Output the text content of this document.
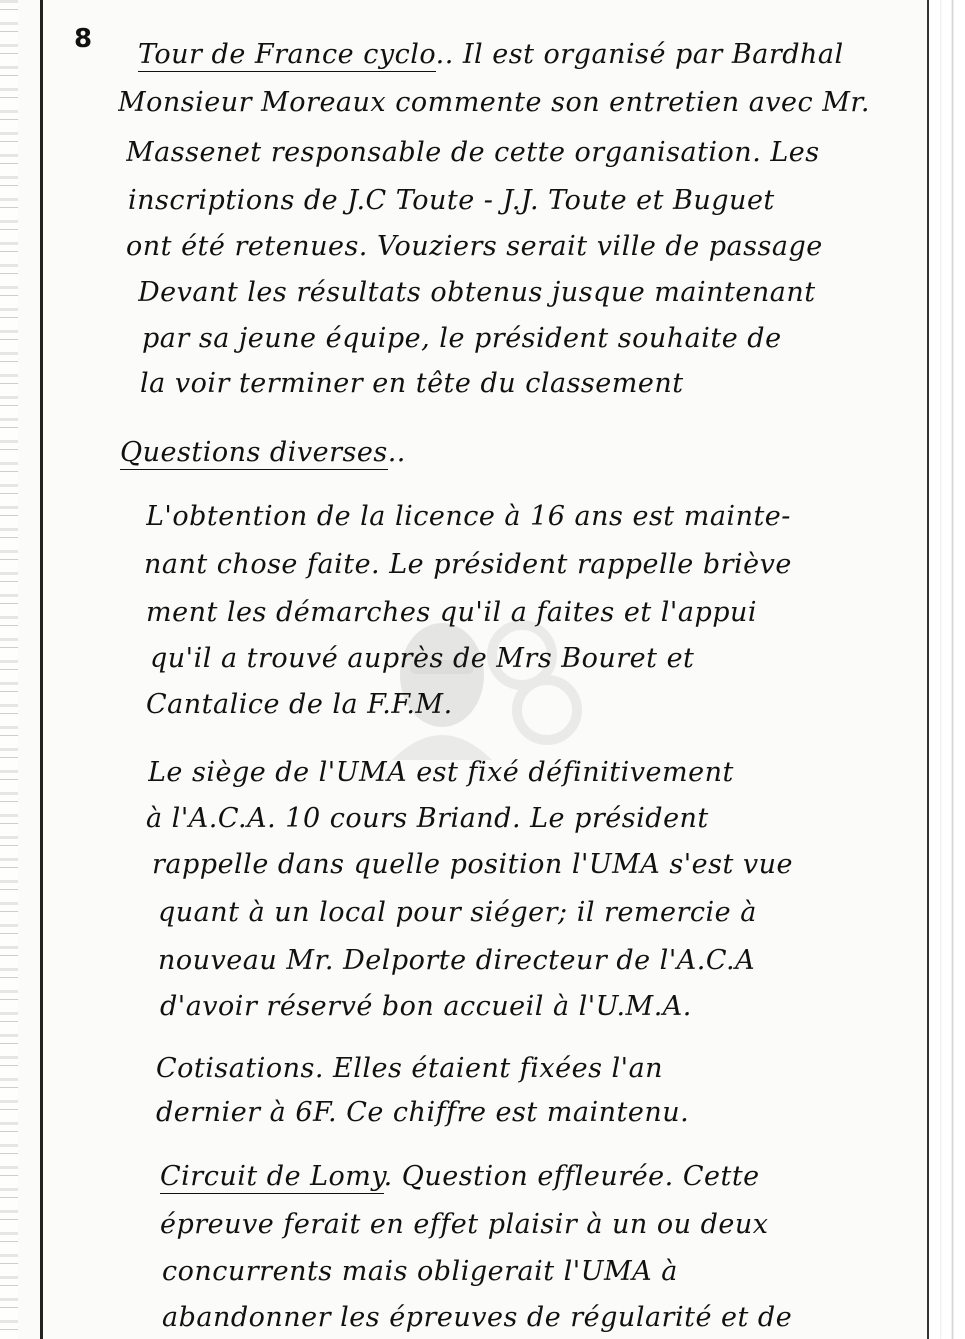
8 Tour de France cyclo.. Il est organisé par Bardhal
Monsieur Moreaux commente son entretien avec Mr.
Massenet responsable de cette organisation. Les
inscriptions de J.C Toute - J.J. Toute et Buguet
ont été retenues. Vouziers serait ville de passage
Devant les résultats obtenus jusque maintenant
par sa jeune équipe, le président souhaite de
la voir terminer en tête du classement
Questions diverses..
L'obtention de la licence à 16 ans est mainte-
nant chose faite. Le président rappelle briève
ment les démarches qu'il a faites et l'appui
qu'il a trouvé auprès de Mrs Bouret et
Cantalice de la F.F.M.
Le siège de l'UMA est fixé définitivement
à l'A.C.A. 10 cours Briand. Le président
rappelle dans quelle position l'UMA s'est vue
quant à un local pour siéger; il remercie à
nouveau Mr. Delporte directeur de l'A.C.A
d'avoir réservé bon accueil à l'U.M.A.
Cotisations. Elles étaient fixées l'an
dernier à 6F. Ce chiffre est maintenu.
Circuit de Lomy. Question effleurée. Cette
épreuve ferait en effet plaisir à un ou deux
concurrents mais obligerait l'UMA à
abandonner les épreuves de régularité et de
